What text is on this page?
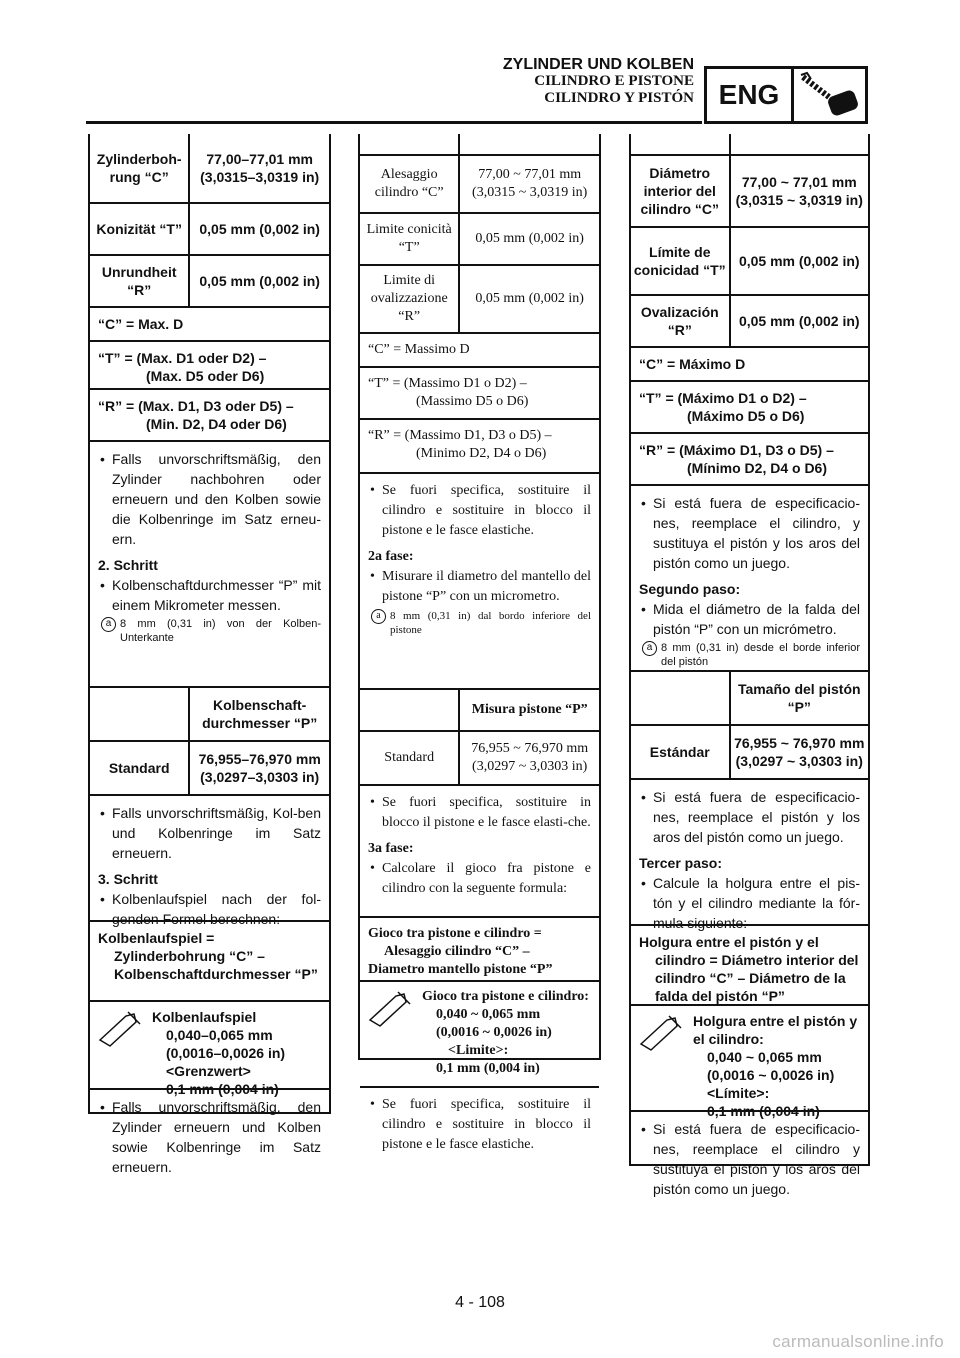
ZYLINDER UND KOLBEN
CILINDRO E PISTONE
CILINDRO Y PISTÓN ENG
Zylinderboh-rung “C”
77,00–77,01 mm (3,0315–3,0319 in)
Konizität “T”	0,05 mm (0,002 in)
Unrundheit “R”
0,05 mm (0,002 in)
“C” = Max. D
“T” = (Max. D1 oder D2) –
(Max. D5 oder D6)
“R” = (Max. D1, D3 oder D5) –
(Min. D2, D4 oder D6)
• Falls unvorschriftsmäßig, den Zylinder nachbohren oder erneuern und den Kolben sowie die Kolbenringe im Satz erneu-ern.
2. Schritt
• Kolbenschaftdurchmesser “P” mit einem Mikrometer messen.
a 8 mm (0,31 in) von der Kolben-Unterkante
Kolbenschaft-durchmesser “P”
Standard
76,955–76,970 mm (3,0297–3,0303 in)
• Falls unvorschriftsmäßig, Kol-ben und Kolbenringe im Satz erneuern.
3. Schritt
• Kolbenlaufspiel nach der fol-genden Formel berechnen:
Kolbenlaufspiel =
Zylinderbohrung “C” –
Kolbenschaftdurchmesser “P”
Kolbenlaufspiel
0,040–0,065 mm
(0,0016–0,0026 in)
<Grenzwert>
0,1 mm (0,004 in)
• Falls unvorschriftsmäßig, den Zylinder erneuern und Kolben sowie Kolbenringe im Satz erneuern.
Alesaggio cilindro “C”
77,00 ~ 77,01 mm (3,0315 ~ 3,0319 in)
Limite conicità “T”
0,05 mm (0,002 in)
Limite di ovalizzazione “R”
0,05 mm (0,002 in)
“C” = Massimo D
“T” = (Massimo D1 o D2) –
(Massimo D5 o D6)
“R” = (Massimo D1, D3 o D5) –
(Minimo D2, D4 o D6)
• Se fuori specifica, sostituire il cilindro e sostituire in blocco il pistone e le fasce elastiche.
2a fase:
• Misurare il diametro del mantello del pistone “P” con un micrometro.
a 8 mm (0,31 in) dal bordo inferiore del pistone
Misura pistone “P”
Standard
76,955 ~ 76,970 mm (3,0297 ~ 3,0303 in)
• Se fuori specifica, sostituire in blocco il pistone e le fasce elasti-che.
3a fase:
• Calcolare il gioco fra pistone e cilindro con la seguente formula:
Gioco tra pistone e cilindro =
Alesaggio cilindro “C” –
Diametro mantello pistone “P”
Gioco tra pistone e cilindro:
0,040 ~ 0,065 mm
(0,0016 ~ 0,0026 in)
<Limite>:
0,1 mm (0,004 in)
• Se fuori specifica, sostituire il cilindro e sostituire in blocco il pistone e le fasce elastiche.
Diámetro interior del cilindro “C”
77,00 ~ 77,01 mm (3,0315 ~ 3,0319 in)
Límite de conicidad “T”
0,05 mm (0,002 in)
Ovalización “R”
0,05 mm (0,002 in)
“C” = Máximo D
“T” = (Máximo D1 o D2) –
(Máximo D5 o D6)
“R” = (Máximo D1, D3 o D5) –
(Mínimo D2, D4 o D6)
• Si está fuera de especificacio-nes, reemplace el cilindro, y sustituya el pistón y los aros del pistón como un juego.
Segundo paso:
• Mida el diámetro de la falda del pistón “P” con un micrómetro.
a 8 mm (0,31 in) desde el borde inferior del pistón
Tamaño del pistón “P”
Estándar
76,955 ~ 76,970 mm (3,0297 ~ 3,0303 in)
• Si está fuera de especificacio-nes, reemplace el pistón y los aros del pistón como un juego.
Tercer paso:
• Calcule la holgura entre el pis-tón y el cilindro mediante la fór-mula siguiente:
Holgura entre el pistón y el
cilindro = Diámetro interior del cilindro “C” – Diámetro de la falda del pistón “P”
Holgura entre el pistón y el cilindro:
0,040 ~ 0,065 mm
(0,0016 ~ 0,0026 in)
<Límite>:
0,1 mm (0,004 in)
• Si está fuera de especificacio-nes, reemplace el cilindro y sustituya el pistón y los aros del pistón como un juego.
4 - 108
carmanualsonline.info
